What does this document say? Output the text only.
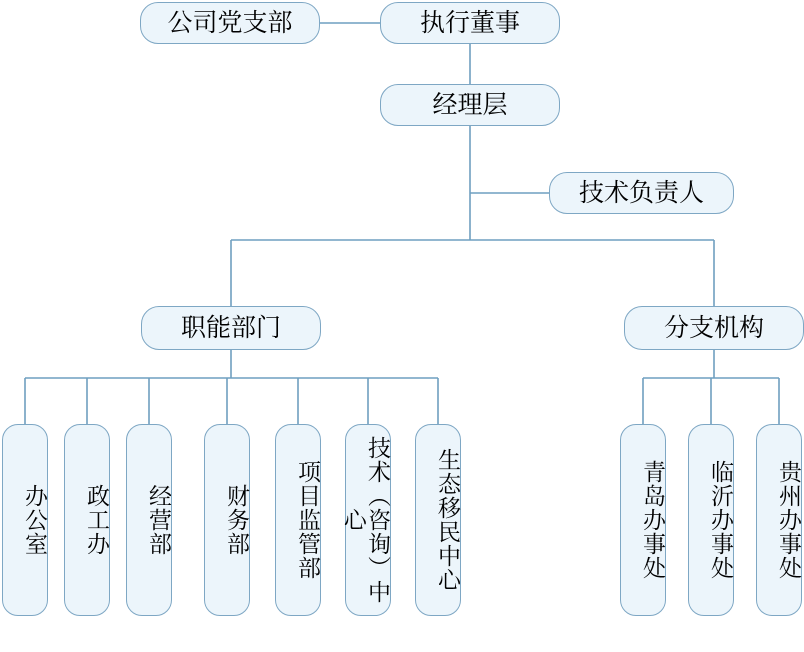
公司党支部	执行董事
经理层
技术负责人
职能部门	分支机构
办公室	政工办	经营部	财务部	项目监管部	技术（咨询）中心	生态移民中心	青岛办事处	临沂办事处	贵州办事处
